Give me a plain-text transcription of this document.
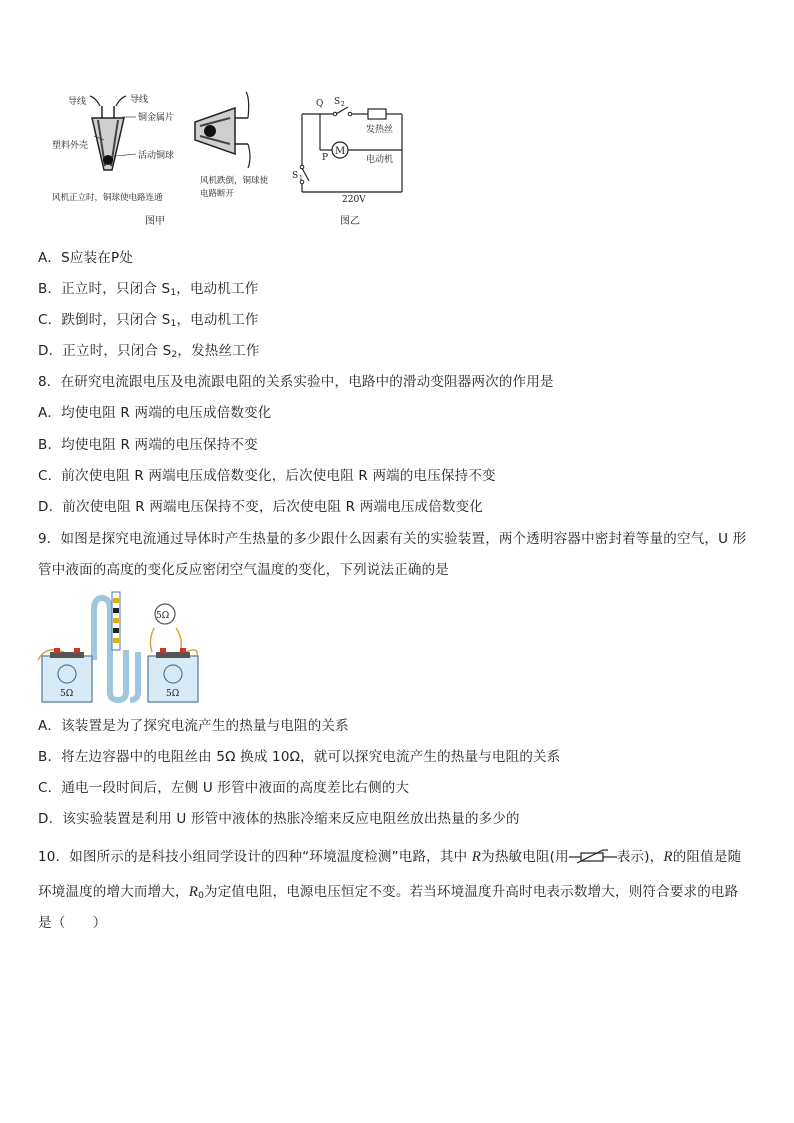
导线	导线
铜金属片
塑料外壳
活动铜球
风机正立时，铜球使电路连通
风机跌倒，铜球使
电路断开
图甲
Q S 2
发热丝
M
P	电动机
S 1
220V
图乙
A．S应装在P处
B．正立时，只闭合 $S_1$，电动机工作
C．跌倒时，只闭合 $S_1$，电动机工作
D．正立时，只闭合 $S_2$，发热丝工作
8．在研究电流跟电压及电流跟电阻的关系实验中，电路中的滑动变阻器两次的作用是
A．均使电阻 R 两端的电压成倍数变化
B．均使电阻 R 两端的电压保持不变
C．前次使电阻 R 两端电压成倍数变化，后次使电阻 R 两端的电压保持不变
D．前次使电阻 R 两端电压保持不变，后次使电阻 R 两端电压成倍数变化
9．如图是探究电流通过导体时产生热量的多少跟什么因素有关的实验装置，两个透明容器中密封着等量的空气，U 形
管中液面的高度的变化反应密闭空气温度的变化，下列说法正确的是
5Ω
5Ω	5Ω
A．该装置是为了探究电流产生的热量与电阻的关系
B．将左边容器中的电阻丝由 5Ω 换成 10Ω，就可以探究电流产生的热量与电阻的关系
C．通电一段时间后，左侧 U 形管中液面的高度差比右侧的大
D．该实验装置是利用 U 形管中液体的热胀冷缩来反应电阻丝放出热量的多少的
10．如图所示的是科技小组同学设计的四种“环境温度检测”电路，其中 R为热敏电阻(用	表示)，R的阻值是随
环境温度的增大而增大，$R_0$为定值电阻，电源电压恒定不变。若当环境温度升高时电表示数增大，则符合要求的电路
是（　　）
